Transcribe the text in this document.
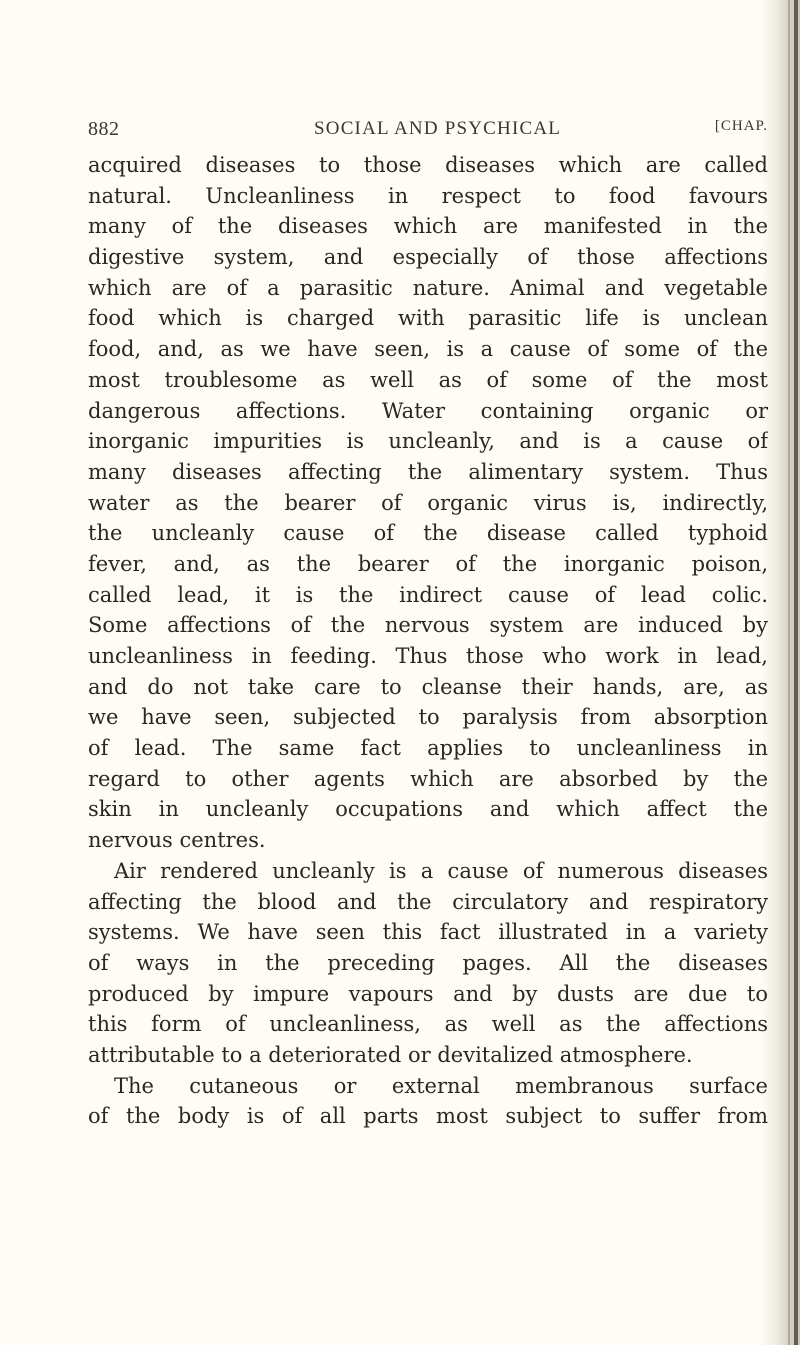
882	SOCIAL AND PSYCHICAL	[CHAP.
acquired diseases to those diseases which are called
natural. Uncleanliness in respect to food favours
many of the diseases which are manifested in the
digestive system, and especially of those affections
which are of a parasitic nature. Animal and vegetable
food which is charged with parasitic life is unclean
food, and, as we have seen, is a cause of some of the
most troublesome as well as of some of the most
dangerous affections. Water containing organic or
inorganic impurities is uncleanly, and is a cause of
many diseases affecting the alimentary system. Thus
water as the bearer of organic virus is, indirectly,
the uncleanly cause of the disease called typhoid
fever, and, as the bearer of the inorganic poison,
called lead, it is the indirect cause of lead colic.
Some affections of the nervous system are induced by
uncleanliness in feeding. Thus those who work in lead,
and do not take care to cleanse their hands, are, as
we have seen, subjected to paralysis from absorption
of lead. The same fact applies to uncleanliness in
regard to other agents which are absorbed by the
skin in uncleanly occupations and which affect the
nervous centres.
Air rendered uncleanly is a cause of numerous diseases
affecting the blood and the circulatory and respiratory
systems. We have seen this fact illustrated in a variety
of ways in the preceding pages. All the diseases
produced by impure vapours and by dusts are due to
this form of uncleanliness, as well as the affections
attributable to a deteriorated or devitalized atmosphere.
The cutaneous or external membranous surface
of the body is of all parts most subject to suffer from
